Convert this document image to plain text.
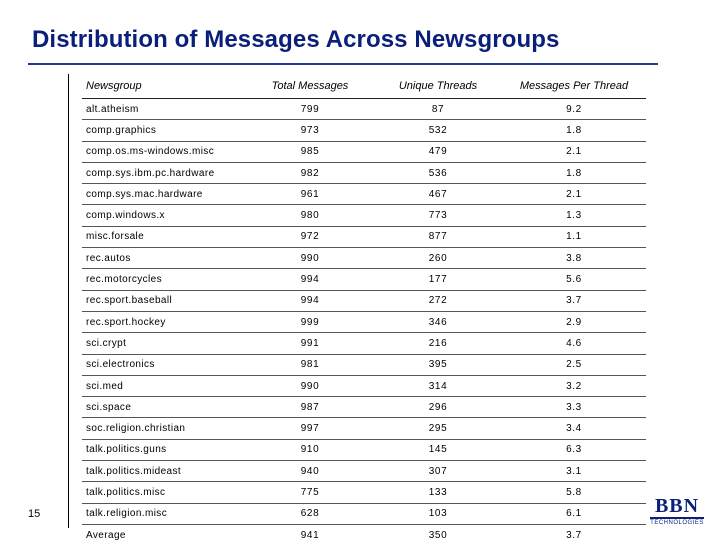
Distribution of Messages Across Newsgroups
Newsgroup	Total Messages	Unique Threads	Messages Per Thread
alt.atheism	799	87	9.2
comp.graphics	973	532	1.8
comp.os.ms-windows.misc	985	479	2.1
comp.sys.ibm.pc.hardware	982	536	1.8
comp.sys.mac.hardware	961	467	2.1
comp.windows.x	980	773	1.3
misc.forsale	972	877	1.1
rec.autos	990	260	3.8
rec.motorcycles	994	177	5.6
rec.sport.baseball	994	272	3.7
rec.sport.hockey	999	346	2.9
sci.crypt	991	216	4.6
sci.electronics	981	395	2.5
sci.med	990	314	3.2
sci.space	987	296	3.3
soc.religion.christian	997	295	3.4
talk.politics.guns	910	145	6.3
talk.politics.mideast	940	307	3.1
talk.politics.misc	775	133	5.8
talk.religion.misc	628	103	6.1
Average	941	350	3.7
15	BBN
TECHNOLOGIES
